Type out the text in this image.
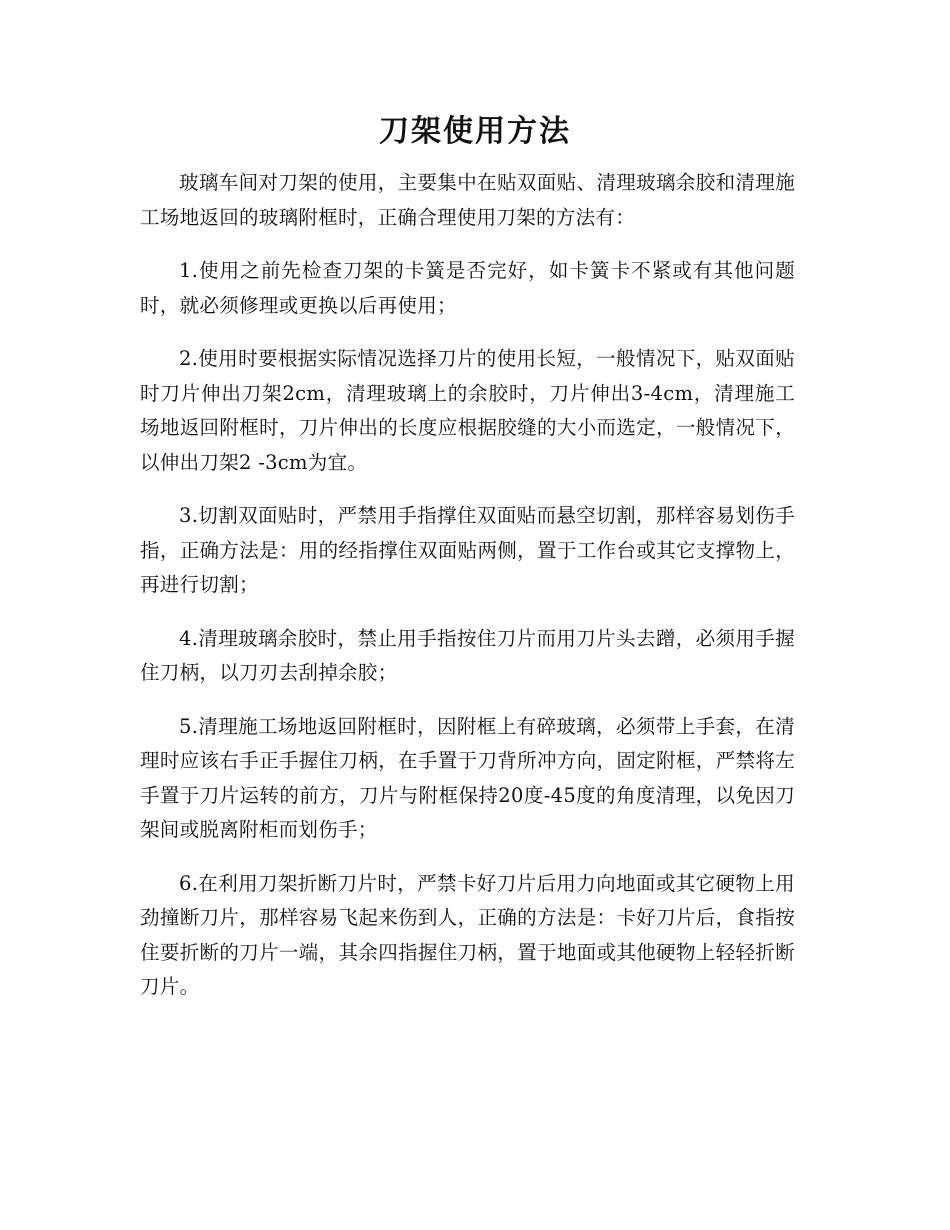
刀架使用方法

玻璃车间对刀架的使用，主要集中在贴双面贴、清理玻璃余胶和清理施工场地返回的玻璃附框时，正确合理使用刀架的方法有：

1.使用之前先检查刀架的卡簧是否完好，如卡簧卡不紧或有其他问题时，就必须修理或更换以后再使用；

2.使用时要根据实际情况选择刀片的使用长短，一般情况下，贴双面贴时刀片伸出刀架2cm，清理玻璃上的余胶时，刀片伸出3-4cm，清理施工场地返回附框时，刀片伸出的长度应根据胶缝的大小而选定，一般情况下，以伸出刀架2 -3cm为宜。

3.切割双面贴时，严禁用手指撑住双面贴而悬空切割，那样容易划伤手指，正确方法是：用的经指撑住双面贴两侧，置于工作台或其它支撑物上，再进行切割；

4.清理玻璃余胶时，禁止用手指按住刀片而用刀片头去蹭，必须用手握住刀柄，以刀刃去刮掉余胶；

5.清理施工场地返回附框时，因附框上有碎玻璃，必须带上手套，在清理时应该右手正手握住刀柄，在手置于刀背所冲方向，固定附框，严禁将左手置于刀片运转的前方，刀片与附框保持20度-45度的角度清理，以免因刀架间或脱离附柜而划伤手；

6.在利用刀架折断刀片时，严禁卡好刀片后用力向地面或其它硬物上用劲撞断刀片，那样容易飞起来伤到人，正确的方法是：卡好刀片后，食指按住要折断的刀片一端，其余四指握住刀柄，置于地面或其他硬物上轻轻折断刀片。
